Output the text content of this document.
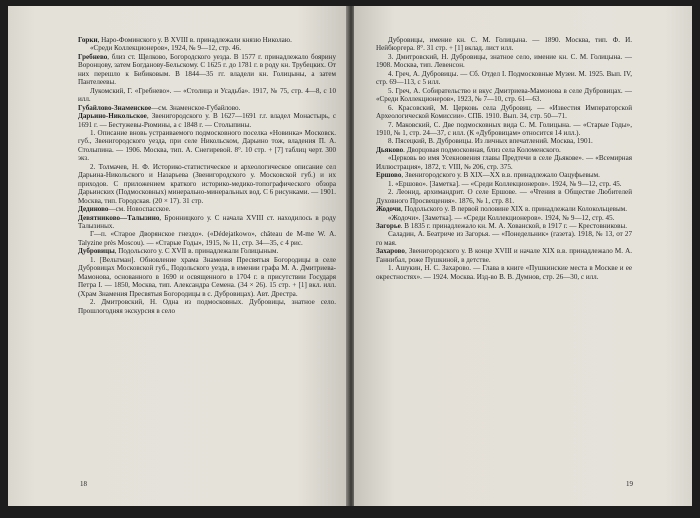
Горки, Наро-Фоминского у. В XVIII в. принадлежали князю Николаю.

«Среди Коллекционеров», 1924, № 9—12, стр. 46.

Гребнево, близ ст. Щелково, Богородского уезда. В 1577 г. принадлежало боярину Воронцову, затем Богданову-Бельскому. С 1625 г. до 1781 г. в роду кн. Трубецких. От них перешло к Бибиковым. В 1844—35 гг. владели кн. Голицыны, а затем Пантелеевы.

Лукомский, Г. «Гребнево». — «Столица и Усадьба». 1917, № 75, стр. 4—8, с 10 илл.

Губайлово-Знаменское—см. Знаменское-Губайлово.

Дарьино-Никольское, Звенигородского у. В 1627—1691 г.г. владел Монастырь, с 1691 г. — Бестужевы-Рюмины, а с 1848 г. — Столыпины.

1. Описание вновь устраиваемого подмосковного поселка «Новинка» Московск. губ., Звенигородского уезда, при селе Никольском, Дарьино тож, владения П. А. Столыпина. — 1906. Москва, тип. А. Снегиревой. 8°. 10 стр. + [7] таблиц черт. 300 экз.

2. Толмачев, Н. Ф. Историко-статистическое и археологическое описание сел Дарьина-Никольского и Назарьева (Звенигородского у. Московской губ.) и их приходов. С приложением краткого историко-медико-топографического обзора Дарьинских (Подмосковных) минерально-минеральных вод. С 6 рисунками. — 1901. Москва, тип. Городская. (20 × 17). 31 стр.

Дединово—см. Новоспасское.

Девятниково—Талызино, Бронницкого у. С начала XVIII ст. находилось в роду Талызиных.

Г—п. «Старое Дворянское гнездо». («Dédejatkowo», château de M-me W. A. Talyzine près Moscou). — «Старые Годы», 1915, № 11, стр. 34—35, с 4 рис.

Дубровицы, Подольского у. С XVII в. принадлежали Голицыным.

1. [Вельтман]. Обновление храма Знамения Пресвятыя Богородицы в селе Дубровицах Московской губ., Подольского уезда, в имении графа М. А. Дмитриева-Мамонова, основанного в 1690 и освященного в 1704 г. в присутствии Государя Петра I. — 1850, Москва, тип. Александра Семена. (34 × 26). 15 стр. + [1] вкл. илл. (Храм Знамения Пресвятыя Богородицы в с. Дубровицах). Авт. Дрестра.

2. Дмитровский, Н. Одна из подмосковных. Дубровицы, знатное село. Прошлогодняя экскурсия в село

18

Дубровицы, имение кн. С. М. Голицына. — 1890. Москва, тип. Ф. И. Нейбюргера. 8°. 31 стр. + [1] вклад. лист илл.

3. Дмитровский, Н. Дубровицы, знатное село, имение кн. С. М. Голицына. — 1908. Москва, тип. Левенсон.

4. Греч, А. Дубровицы. — Сб. Отдел I. Подмосковные Музеи. М. 1925. Вып. IV, стр. 69—113, с 5 илл.

5. Греч, А. Собирательство и вкус Дмитриева-Мамонова в селе Дубровицах. — «Среди Коллекционеров», 1923, № 7—10, стр. 61—63.

6. Красовский, М. Церковь села Дубровиц. — «Известия Императорской Археологической Комиссии». СПБ. 1910. Вып. 34, стр. 50—71.

7. Маковский, С. Две подмосковных вида С. М. Голицына. — «Старые Годы», 1910, № 1, стр. 24—37, с илл. (К «Дубровицам» относится 14 илл.).

8. Пясецкий, В. Дубровицы. Из личных впечатлений. Москва, 1901.

Дьяково. Дворцовая подмосковная, близ села Коломенского.

«Церковь во имя Усекновения главы Предтечи в селе Дьякове». — «Всемирная Иллюстрация», 1872, т. VIII, № 206, стр. 375.

Ершово, Звенигородского у. В XIX—XX в.в. принадлежало Оацуфьевым.

1. «Ершово». [Заметка]. — «Среди Коллекционеров». 1924, № 9—12, стр. 45.

2. Леонид, архимандрит. О селе Ершове. — «Чтения в Обществе Любителей Духовного Просвещения». 1876, № 1, стр. 81.

Жодочи, Подольского у. В первой половине XIX в. принадлежали Колокольцевым.

«Жодочи». [Заметка]. — «Среди Коллекционеров». 1924, № 9—12, стр. 45.

Загорье. В 1835 г. принадлежало кн. М. А. Хованской, в 1917 г. — Крестовниковы.

Саладин, А. Беатриче из Загорья. — «Понедельник» (газета). 1918, № 13, от 27 го мая.

Захарово, Звенигородского у. В конце XVIII и начале XIX в.в. принадлежало М. А. Ганнибал, роже Пушкиной, в детстве.

1. Ашукин, Н. С. Захарово. — Глава в книге «Пушкинские места в Москве и ее окрестностях». — 1924. Москва. Изд-во В. В. Думнов, стр. 26—30, с илл.

19
